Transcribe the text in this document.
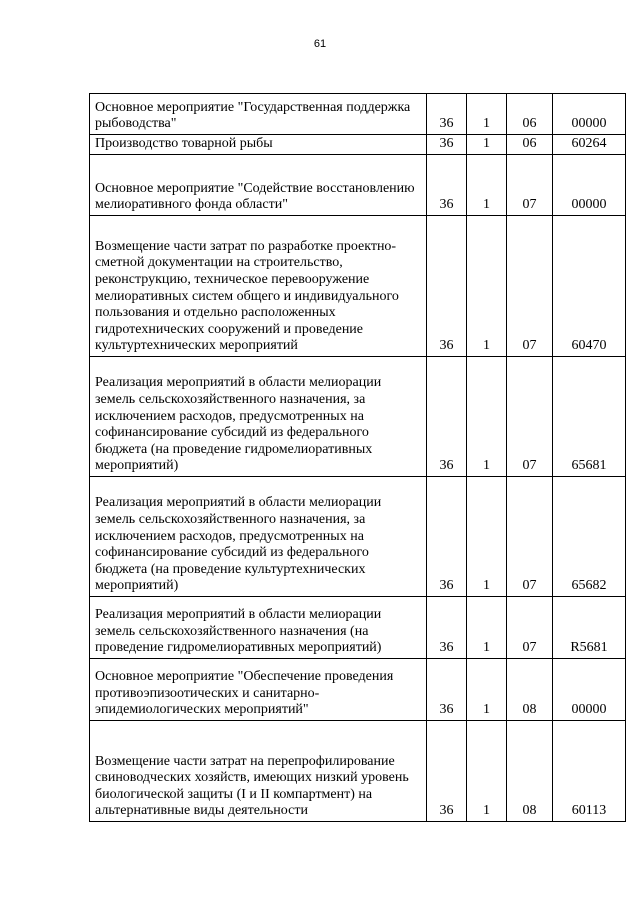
61
Основное мероприятие "Государственная поддержка рыбоводства"	36	1	06	00000
Производство товарной рыбы	36	1	06	60264
Основное мероприятие "Содействие восстановлению мелиоративного фонда области"	36	1	07	00000
Возмещение части затрат по разработке проектно-сметной документации на строительство, реконструкцию, техническое перевооружение мелиоративных систем общего и индивидуального пользования и отдельно расположенных гидротехнических сооружений и проведение культуртехнических мероприятий	36	1	07	60470
Реализация мероприятий в области мелиорации земель сельскохозяйственного назначения, за исключением расходов, предусмотренных на софинансирование субсидий из федерального бюджета (на проведение гидромелиоративных мероприятий)	36	1	07	65681
Реализация мероприятий в области мелиорации земель сельскохозяйственного назначения, за исключением расходов, предусмотренных на софинансирование субсидий из федерального бюджета (на проведение культуртехнических мероприятий)	36	1	07	65682
Реализация мероприятий в области мелиорации земель сельскохозяйственного назначения (на проведение гидромелиоративных мероприятий)	36	1	07	R5681
Основное мероприятие "Обеспечение проведения противоэпизоотических и санитарно-эпидемиологических мероприятий"	36	1	08	00000
Возмещение части затрат на перепрофилирование свиноводческих хозяйств, имеющих низкий уровень биологической защиты (I и II компартмент) на альтернативные виды деятельности	36	1	08	60113
